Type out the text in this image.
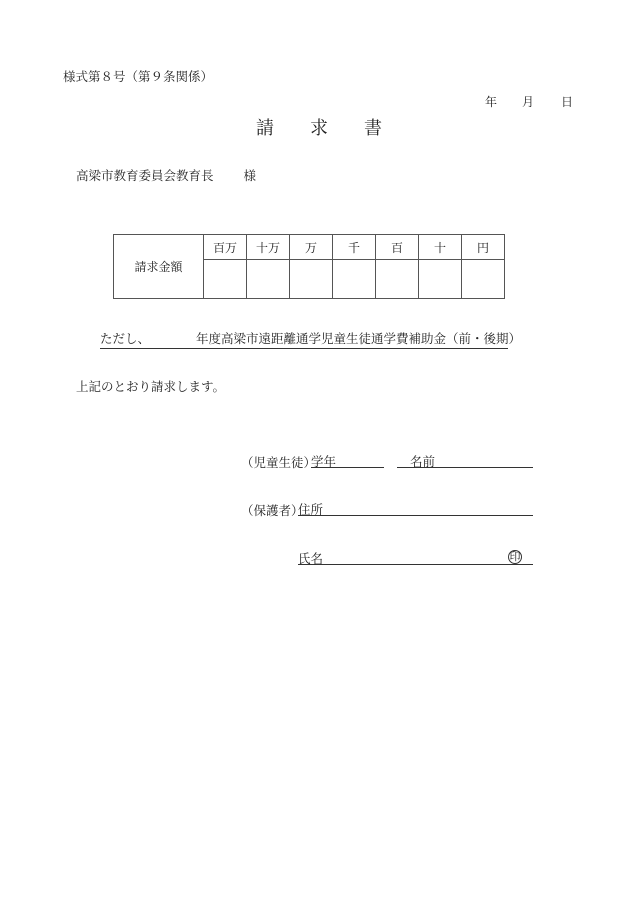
様式第８号（第９条関係）
年 月 日
請 求 書
高梁市教育委員会教育長 様
請求金額	百万	十万	万	千	百	十	円

ただし、	年度高梁市遠距離通学児童生徒通学費補助金（前・後期）
上記のとおり請求します。
（児童生徒）
学年	名前
（保護者）
住所
氏名	印
